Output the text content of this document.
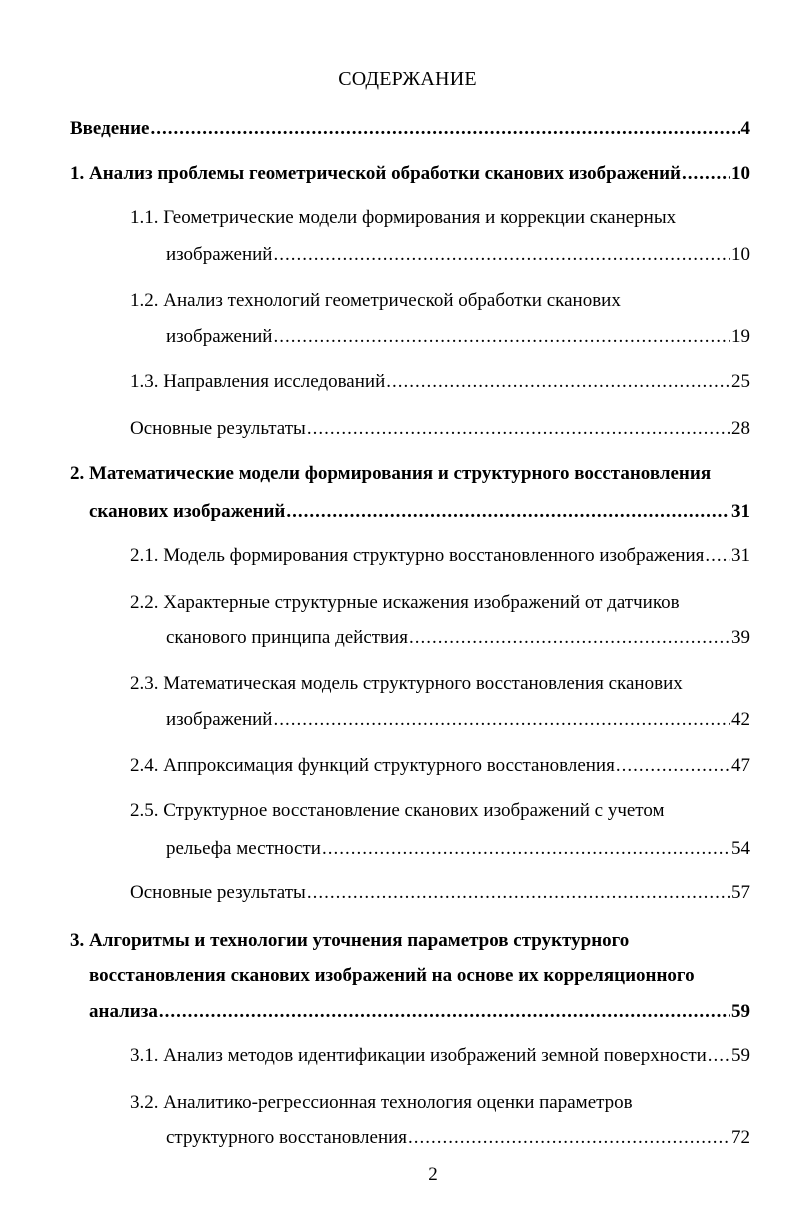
СОДЕРЖАНИЕ
Введение .....	4
1. Анализ проблемы геометрической обработки сканових изображений .....	10
1.1. Геометрические модели формирования и коррекции сканерных
изображений .....	10
1.2. Анализ технологий геометрической обработки сканових
изображений .....	19
1.3. Направления исследований .....	25
Основные результаты .....	28
2. Математические модели формирования и структурного восстановления
сканових изображений .....	31
2.1. Модель формирования структурно восстановленного изображения ..... 31
2.2. Характерные структурные искажения изображений от датчиков
сканового принципа действия .....	39
2.3. Математическая модель структурного восстановления сканових
изображений .....	42
2.4. Аппроксимация функций структурного восстановления .....	47
2.5. Структурное восстановление сканових изображений с учетом
рельефа местности .....	54
Основные результаты .....	57
3. Алгоритмы и технологии уточнения параметров структурного
восстановления сканових изображений на основе их корреляционного
анализа .....	59
3.1. Анализ методов идентификации изображений земной поверхности ..... 59
3.2. Аналитико-регрессионная технология оценки параметров
структурного восстановления .....	72
2
